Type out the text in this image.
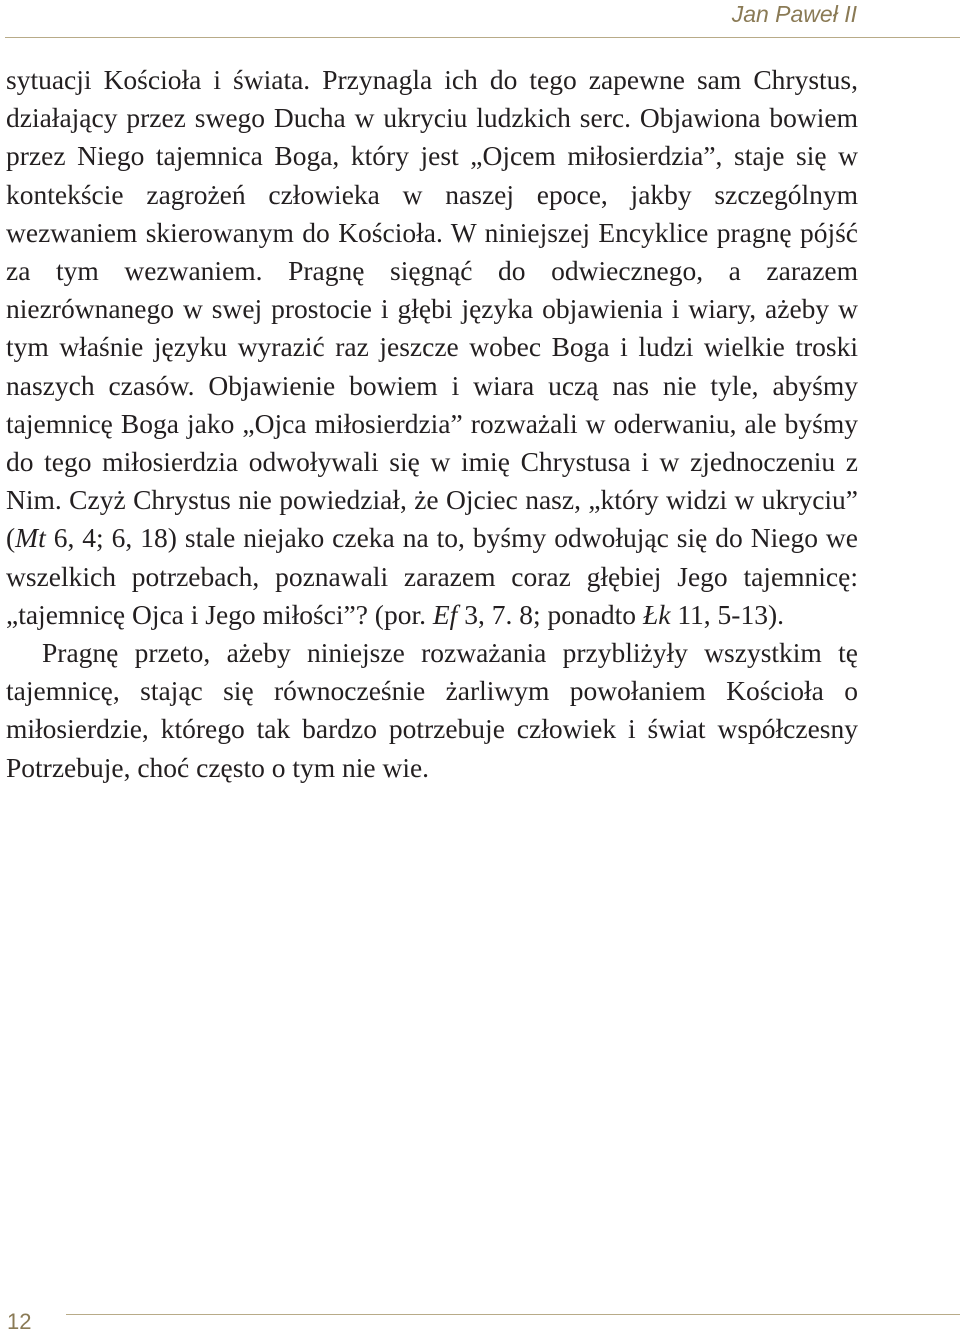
Jan Paweł II

sytuacji Kościoła i świata. Przynagla ich do tego zapewne sam Chrystus, działający przez swego Ducha w ukryciu ludzkich serc. Objawiona bowiem przez Niego tajemnica Boga, który jest „Ojcem miłosierdzia”, staje się w kontekście zagrożeń człowieka w naszej epoce, jakby szczególnym wezwaniem skierowanym do Kościoła. W niniejszej Encyklice pragnę pójść za tym wezwaniem. Pragnę sięgnąć do odwiecznego, a zarazem niezrównanego w swej prostocie i głębi języka objawienia i wiary, ażeby w tym właśnie języku wyrazić raz jeszcze wobec Boga i ludzi wielkie troski naszych czasów. Objawienie bowiem i wiara uczą nas nie tyle, abyśmy tajemnicę Boga jako „Ojca miłosierdzia” rozważali w oderwaniu, ale byśmy do tego miłosierdzia odwoływali się w imię Chrystusa i w zjednoczeniu z Nim. Czyż Chrystus nie powiedział, że Ojciec nasz, „który widzi w ukryciu” (Mt 6, 4; 6, 18) stale niejako czeka na to, byśmy odwołując się do Niego we wszelkich potrzebach, poznawali zarazem coraz głębiej Jego tajemnicę: „tajemnicę Ojca i Jego miłości”? (por. Ef 3, 7. 8; ponadto Łk 11, 5-13).

Pragnę przeto, ażeby niniejsze rozważania przybliżyły wszystkim tę tajemnicę, stając się równocześnie żarliwym powołaniem Kościoła o miłosierdzie, którego tak bardzo potrzebuje człowiek i świat współczesny Potrzebuje, choć często o tym nie wie.

12
